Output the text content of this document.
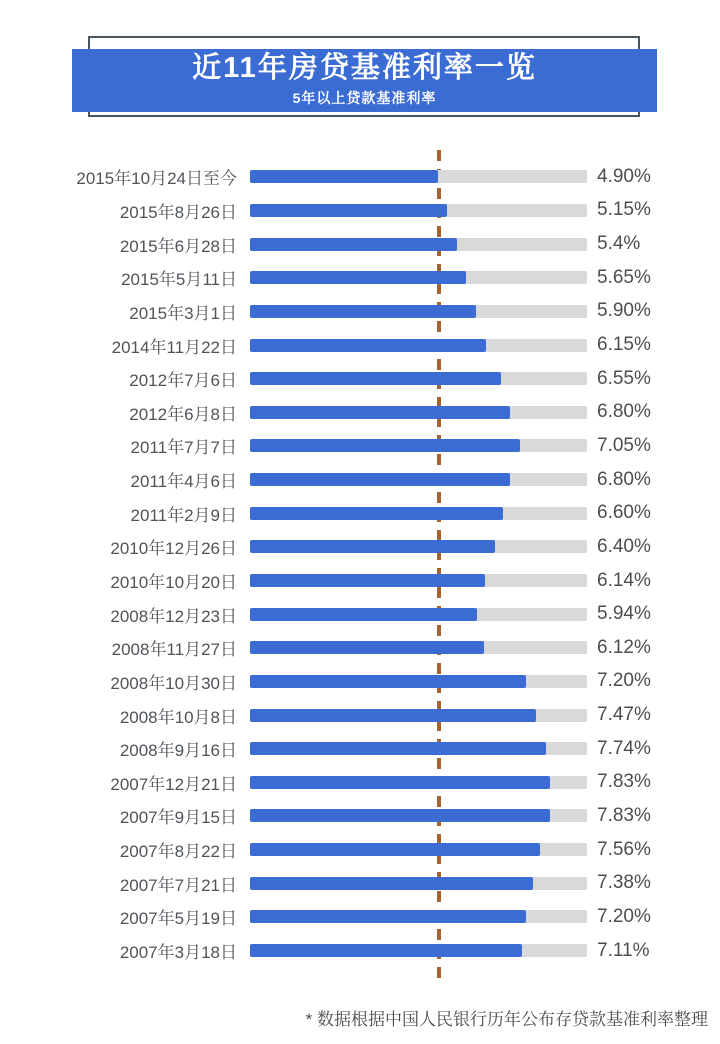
近11年房贷基准利率一览
5年以上贷款基准利率
2015年10月24日至今	4.90%
2015年8月26日	5.15%
2015年6月28日	5.4%
2015年5月11日	5.65%
2015年3月1日	5.90%
2014年11月22日	6.15%
2012年7月6日	6.55%
2012年6月8日	6.80%
2011年7月7日	7.05%
2011年4月6日	6.80%
2011年2月9日	6.60%
2010年12月26日	6.40%
2010年10月20日	6.14%
2008年12月23日	5.94%
2008年11月27日	6.12%
2008年10月30日	7.20%
2008年10月8日	7.47%
2008年9月16日	7.74%
2007年12月21日	7.83%
2007年9月15日	7.83%
2007年8月22日	7.56%
2007年7月21日	7.38%
2007年5月19日	7.20%
2007年3月18日	7.11%
* 数据根据中国人民银行历年公布存贷款基准利率整理
